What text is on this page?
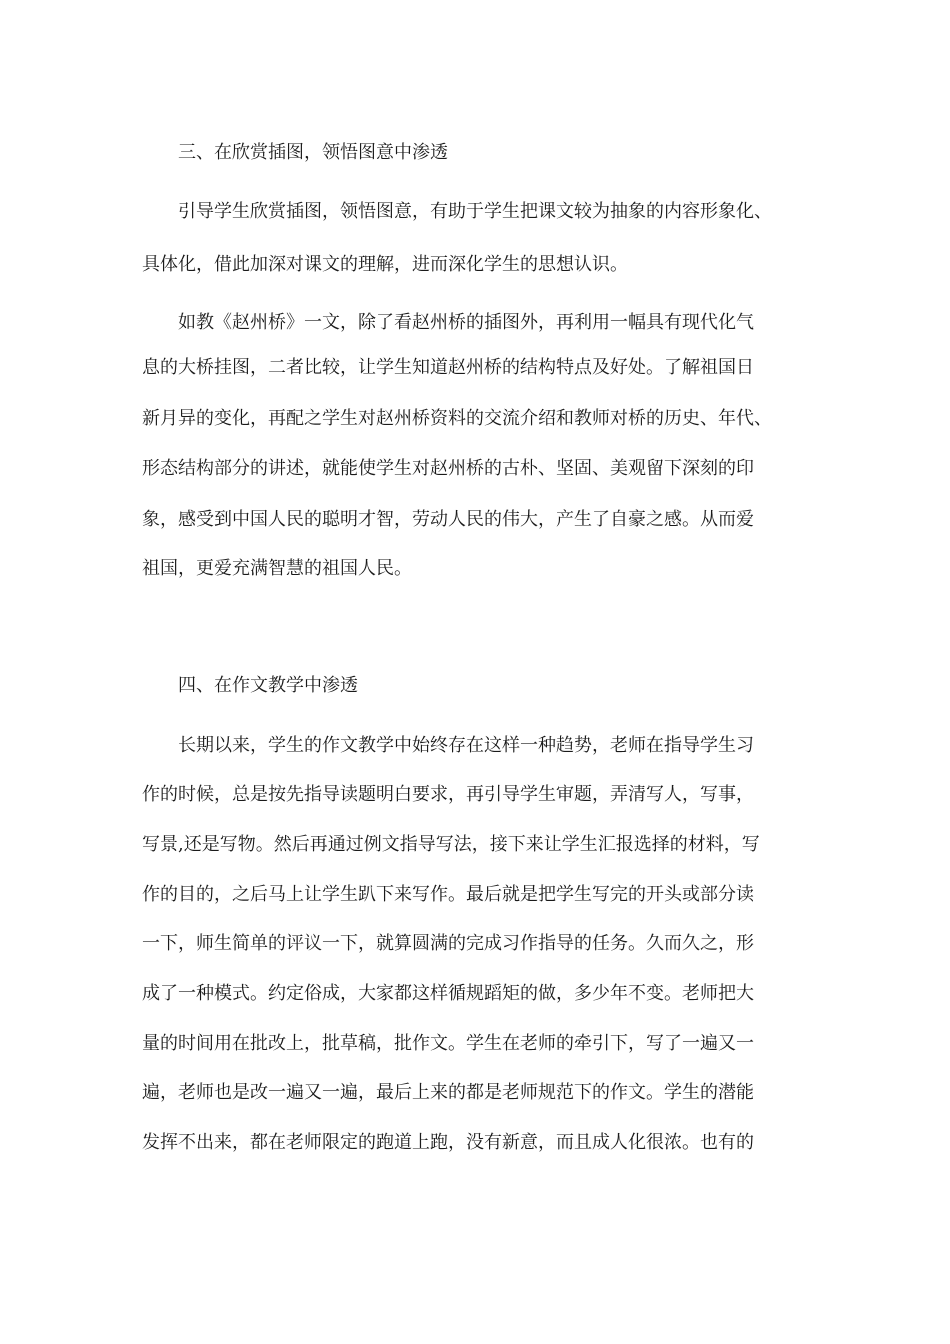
三、在欣赏插图，领悟图意中渗透
引导学生欣赏插图，领悟图意，有助于学生把课文较为抽象的内容形象化、
具体化，借此加深对课文的理解，进而深化学生的思想认识。
如教《赵州桥》一文，除了看赵州桥的插图外，再利用一幅具有现代化气
息的大桥挂图，二者比较，让学生知道赵州桥的结构特点及好处。了解祖国日
新月异的变化，再配之学生对赵州桥资料的交流介绍和教师对桥的历史、年代、
形态结构部分的讲述，就能使学生对赵州桥的古朴、坚固、美观留下深刻的印
象，感受到中国人民的聪明才智，劳动人民的伟大，产生了自豪之感。从而爱
祖国，更爱充满智慧的祖国人民。
四、在作文教学中渗透
长期以来，学生的作文教学中始终存在这样一种趋势，老师在指导学生习
作的时候，总是按先指导读题明白要求，再引导学生审题，弄清写人，写事，
写景,还是写物。然后再通过例文指导写法，接下来让学生汇报选择的材料，写
作的目的，之后马上让学生趴下来写作。最后就是把学生写完的开头或部分读
一下，师生简单的评议一下，就算圆满的完成习作指导的任务。久而久之，形
成了一种模式。约定俗成，大家都这样循规蹈矩的做，多少年不变。老师把大
量的时间用在批改上，批草稿，批作文。学生在老师的牵引下，写了一遍又一
遍，老师也是改一遍又一遍，最后上来的都是老师规范下的作文。学生的潜能
发挥不出来，都在老师限定的跑道上跑，没有新意，而且成人化很浓。也有的
